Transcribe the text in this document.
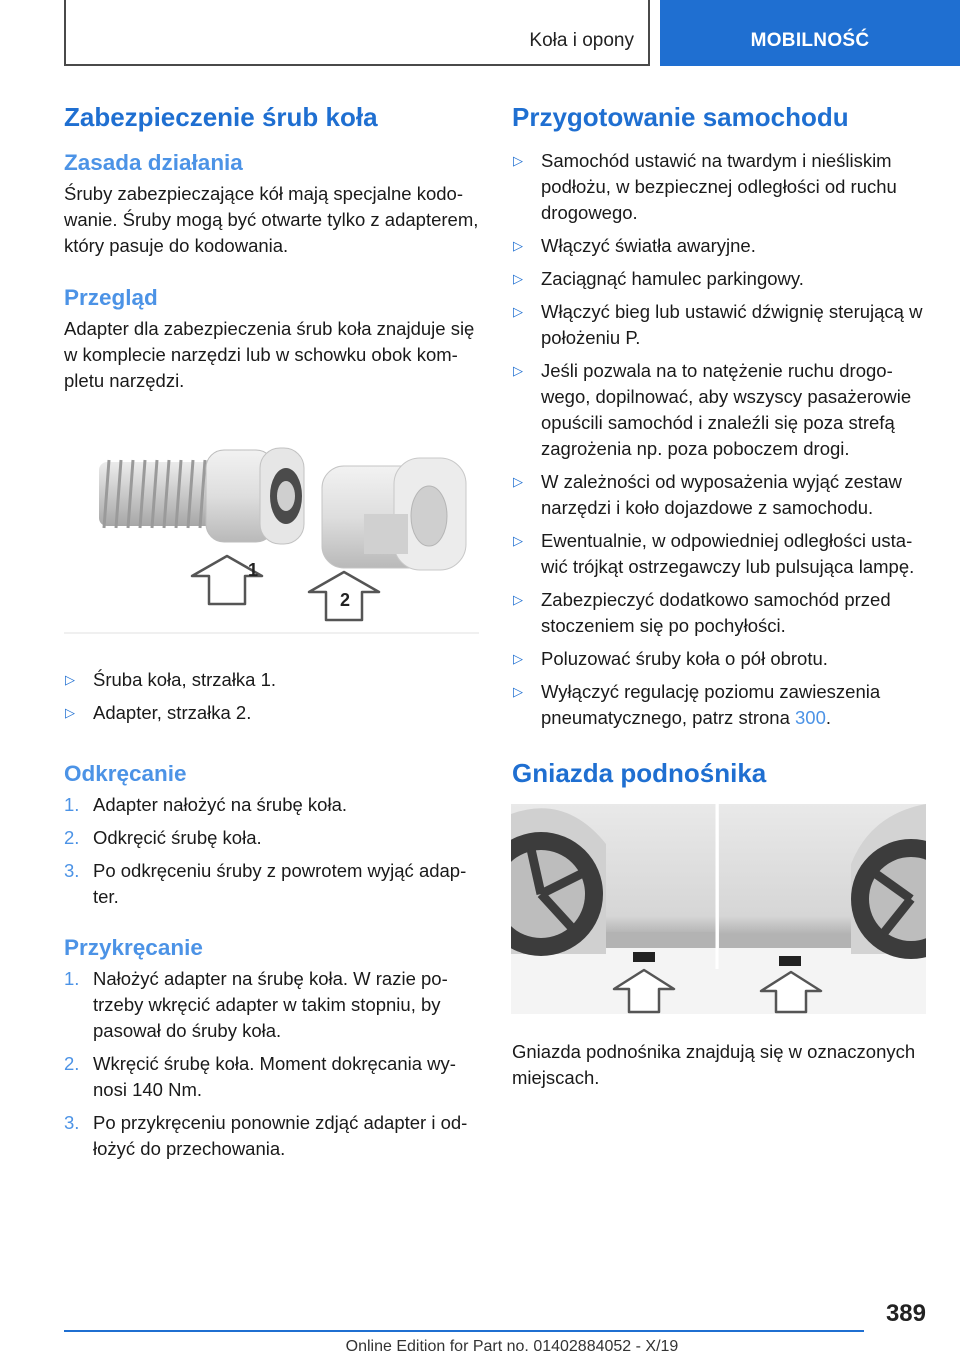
Koła i opony	MOBILNOŚĆ
Zabezpieczenie śrub koła
Zasada działania

Śruby zabezpieczające kół mają specjalne kodowanie. Śruby mogą być otwarte tylko z adapterem, który pasuje do kodowania.

Przegląd

Adapter dla zabezpieczenia śrub koła znajduje się w komplecie narzędzi lub w schowku obok kompletu narzędzi.

1
2
▷ Śruba koła, strzałka 1.
▷ Adapter, strzałka 2.
Odkręcanie
1. Adapter nałożyć na śrubę koła.
2. Odkręcić śrubę koła.
3. Po odkręceniu śruby z powrotem wyjąć adapter.
Przykręcanie
1. Nałożyć adapter na śrubę koła. W razie potrzeby wkręcić adapter w takim stopniu, by pasował do śruby koła.
2. Wkręcić śrubę koła. Moment dokręcania wynosi 140 Nm.
3. Po przykręceniu ponownie zdjąć adapter i odłożyć do przechowania.
Przygotowanie samochodu
▷ Samochód ustawić na twardym i nieśliskim podłożu, w bezpiecznej odległości od ruchu drogowego.
▷ Włączyć światła awaryjne.
▷ Zaciągnąć hamulec parkingowy.
▷ Włączyć bieg lub ustawić dźwignię sterującą w położeniu P.
▷ Jeśli pozwala na to natężenie ruchu drogowego, dopilnować, aby wszyscy pasażerowie opuścili samochód i znaleźli się poza strefą zagrożenia np. poza poboczem drogi.
▷ W zależności od wyposażenia wyjąć zestaw narzędzi i koło dojazdowe z samochodu.
▷ Ewentualnie, w odpowiedniej odległości ustawić trójkąt ostrzegawczy lub pulsująca lampę.
▷ Zabezpieczyć dodatkowo samochód przed stoczeniem się po pochyłości.
▷ Poluzować śruby koła o pół obrotu.
▷ Wyłączyć regulację poziomu zawieszenia pneumatycznego, patrz strona 300.
Gniazda podnośnika

Gniazda podnośnika znajdują się w oznaczonych miejscach.

389
Online Edition for Part no. 01402884052 - X/19
